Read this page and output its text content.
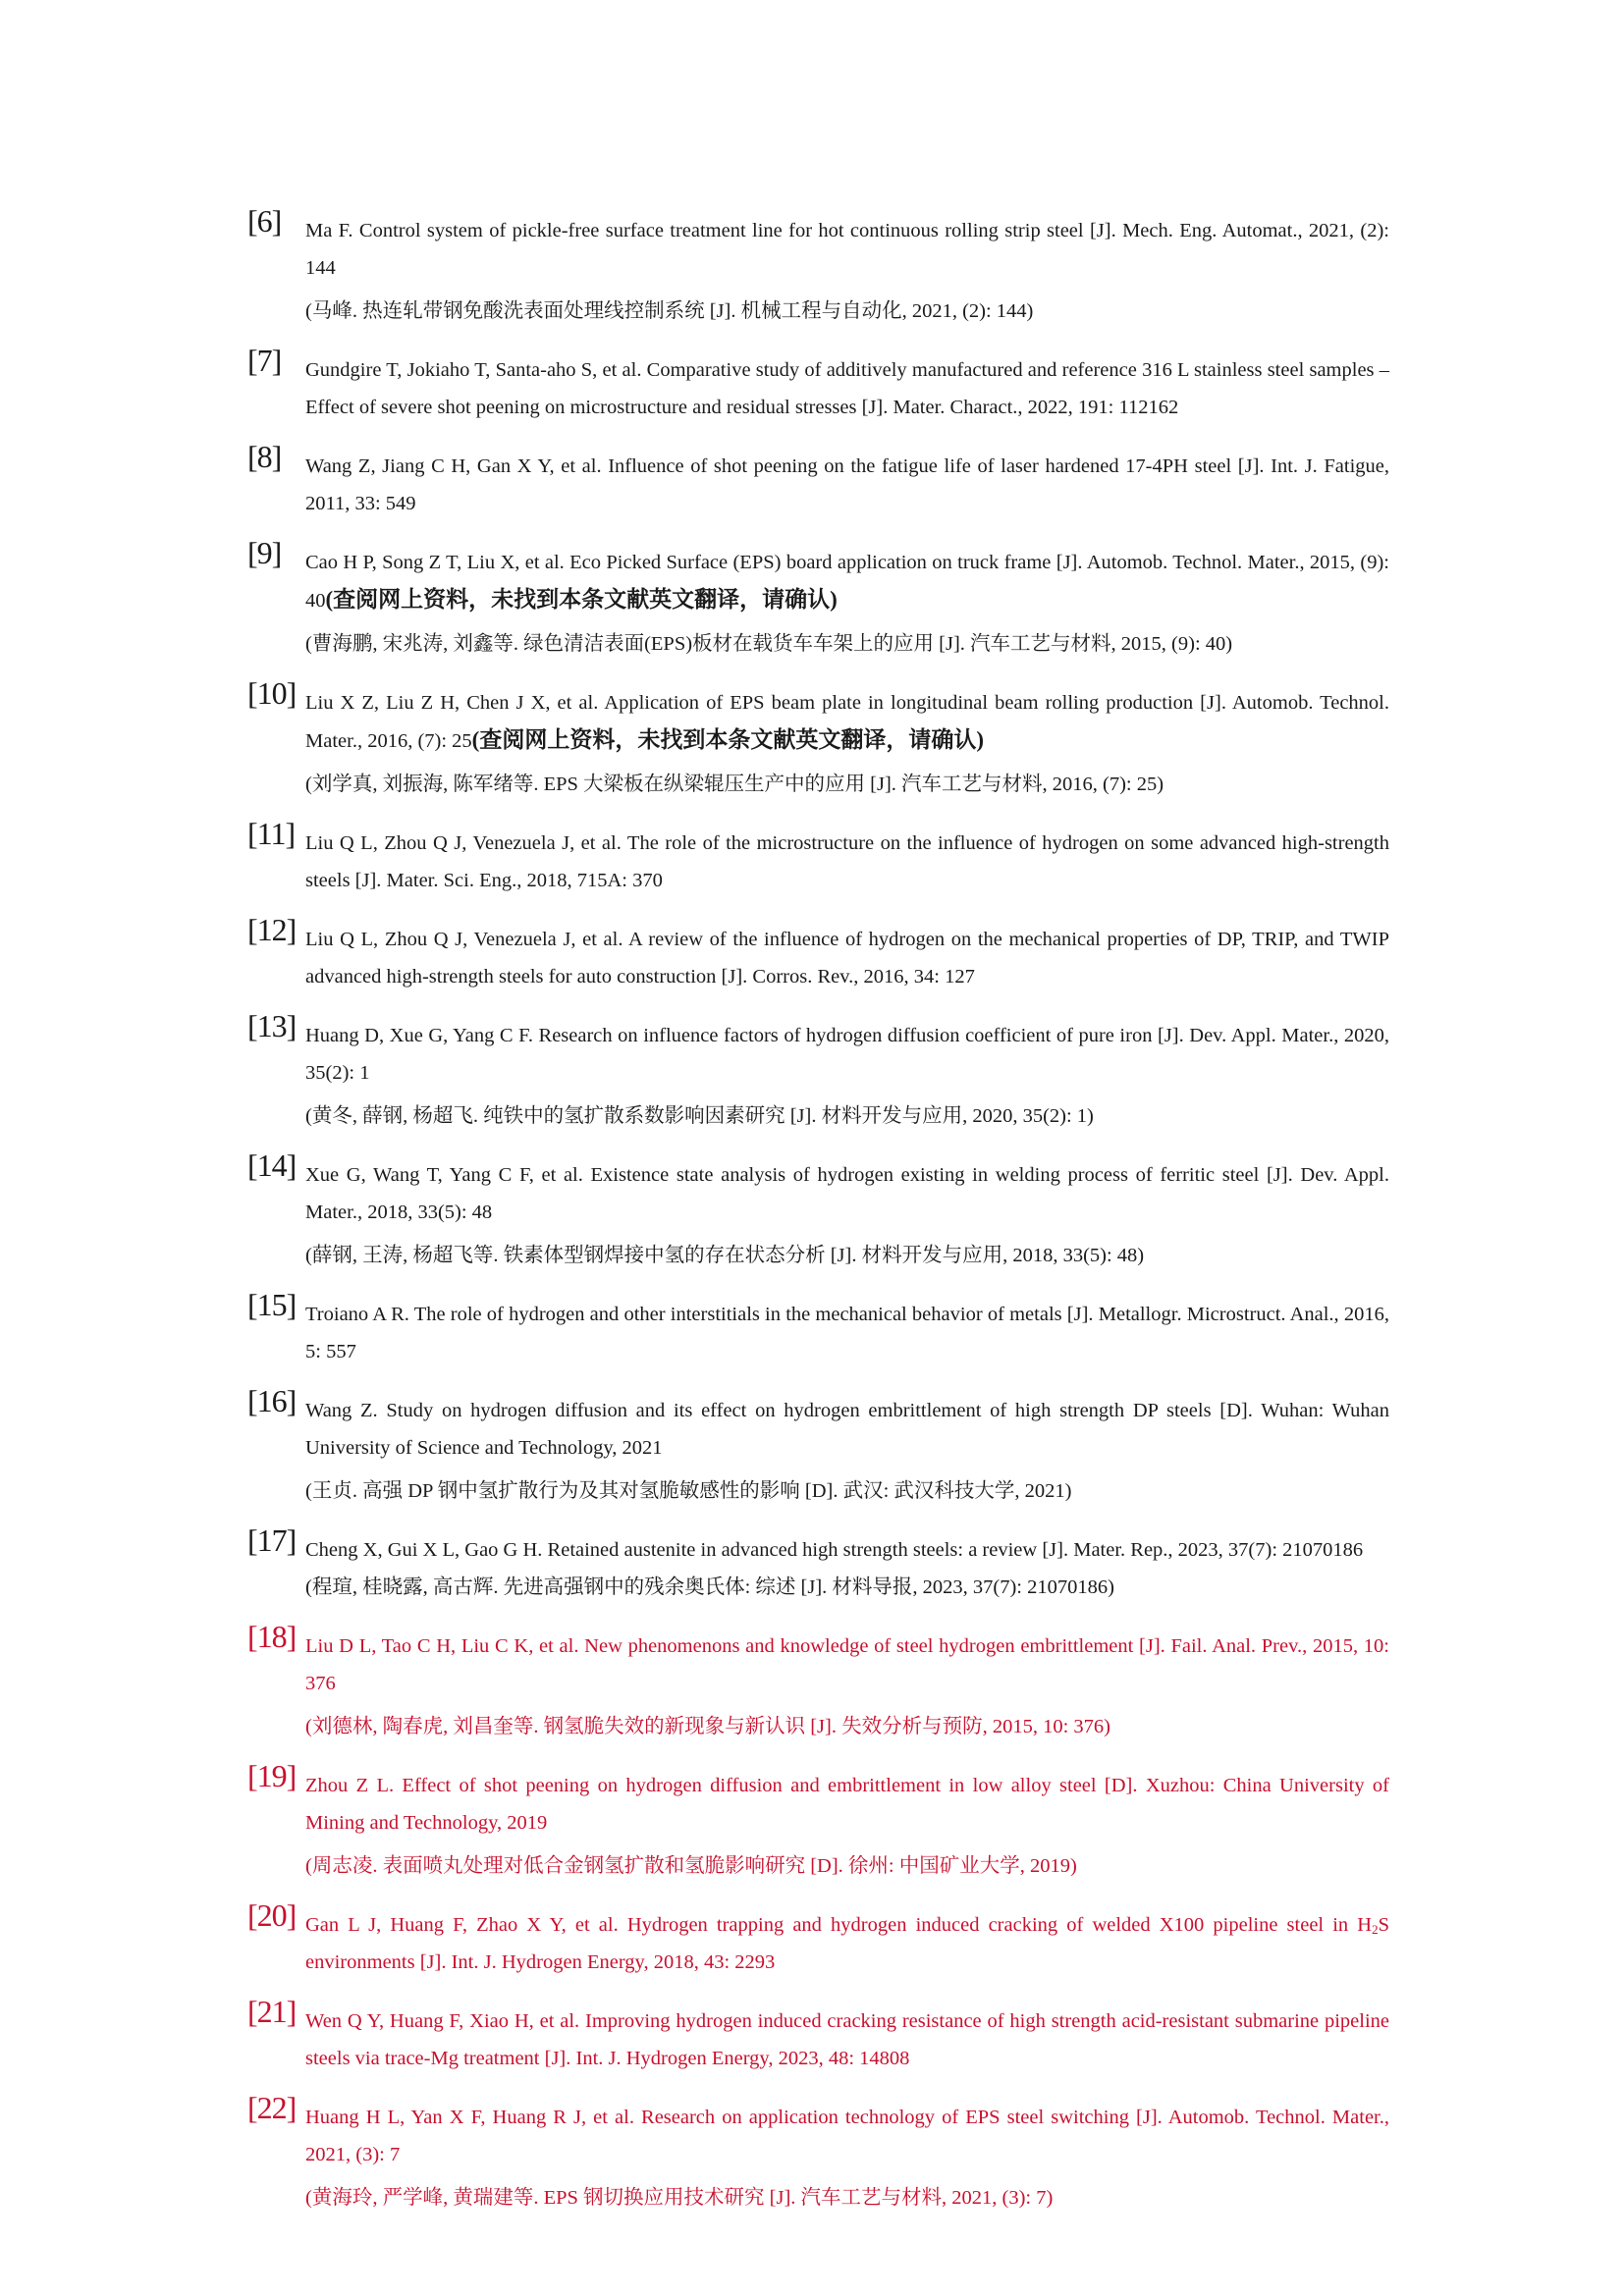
[6]	Ma F. Control system of pickle-free surface treatment line for hot continuous rolling strip steel [J]. Mech. Eng. Automat., 2021, (2): 144
(马峰. 热连轧带钢免酸洗表面处理线控制系统 [J]. 机械工程与自动化, 2021, (2): 144)
[7]	Gundgire T, Jokiaho T, Santa-aho S, et al. Comparative study of additively manufactured and reference 316 L stainless steel samples – Effect of severe shot peening on microstructure and residual stresses [J]. Mater. Charact., 2022, 191: 112162
[8]	Wang Z, Jiang C H, Gan X Y, et al. Influence of shot peening on the fatigue life of laser hardened 17-4PH steel [J]. Int. J. Fatigue, 2011, 33: 549
[9]	Cao H P, Song Z T, Liu X, et al. Eco Picked Surface (EPS) board application on truck frame [J]. Automob. Technol. Mater., 2015, (9): 40(查阅网上资料，未找到本条文献英文翻译，请确认)
(曹海鹏, 宋兆涛, 刘鑫等. 绿色清洁表面(EPS)板材在载货车车架上的应用 [J]. 汽车工艺与材料, 2015, (9): 40)
[10] Liu X Z, Liu Z H, Chen J X, et al. Application of EPS beam plate in longitudinal beam rolling production [J]. Automob. Technol. Mater., 2016, (7): 25(查阅网上资料，未找到本条文献英文翻译，请确认)
(刘学真, 刘振海, 陈军绪等. EPS 大梁板在纵梁辊压生产中的应用 [J]. 汽车工艺与材料, 2016, (7): 25)
[11] Liu Q L, Zhou Q J, Venezuela J, et al. The role of the microstructure on the influence of hydrogen on some advanced high-strength steels [J]. Mater. Sci. Eng., 2018, 715A: 370
[12] Liu Q L, Zhou Q J, Venezuela J, et al. A review of the influence of hydrogen on the mechanical properties of DP, TRIP, and TWIP advanced high-strength steels for auto construction [J]. Corros. Rev., 2016, 34: 127
[13] Huang D, Xue G, Yang C F. Research on influence factors of hydrogen diffusion coefficient of pure iron [J]. Dev. Appl. Mater., 2020, 35(2): 1
(黄冬, 薛钢, 杨超飞. 纯铁中的氢扩散系数影响因素研究 [J]. 材料开发与应用, 2020, 35(2): 1)
[14] Xue G, Wang T, Yang C F, et al. Existence state analysis of hydrogen existing in welding process of ferritic steel [J]. Dev. Appl. Mater., 2018, 33(5): 48
(薛钢, 王涛, 杨超飞等. 铁素体型钢焊接中氢的存在状态分析 [J]. 材料开发与应用, 2018, 33(5): 48)
[15] Troiano A R. The role of hydrogen and other interstitials in the mechanical behavior of metals [J]. Metallogr. Microstruct. Anal., 2016, 5: 557
[16] Wang Z. Study on hydrogen diffusion and its effect on hydrogen embrittlement of high strength DP steels [D]. Wuhan: Wuhan University of Science and Technology, 2021
(王贞. 高强 DP 钢中氢扩散行为及其对氢脆敏感性的影响 [D]. 武汉: 武汉科技大学, 2021)
[17] Cheng X, Gui X L, Gao G H. Retained austenite in advanced high strength steels: a review [J]. Mater. Rep., 2023, 37(7): 21070186
(程瑄, 桂晓露, 高古辉. 先进高强钢中的残余奥氏体: 综述 [J]. 材料导报, 2023, 37(7): 21070186)
[18] Liu D L, Tao C H, Liu C K, et al. New phenomenons and knowledge of steel hydrogen embrittlement [J]. Fail. Anal. Prev., 2015, 10: 376
(刘德林, 陶春虎, 刘昌奎等. 钢氢脆失效的新现象与新认识 [J]. 失效分析与预防, 2015, 10: 376)
[19] Zhou Z L. Effect of shot peening on hydrogen diffusion and embrittlement in low alloy steel [D]. Xuzhou: China University of Mining and Technology, 2019
(周志凌. 表面喷丸处理对低合金钢氢扩散和氢脆影响研究 [D]. 徐州: 中国矿业大学, 2019)
[20] Gan L J, Huang F, Zhao X Y, et al. Hydrogen trapping and hydrogen induced cracking of welded X100 pipeline steel in $H_2S$ environments [J]. Int. J. Hydrogen Energy, 2018, 43: 2293
[21] Wen Q Y, Huang F, Xiao H, et al. Improving hydrogen induced cracking resistance of high strength acid-resistant submarine pipeline steels via trace-Mg treatment [J]. Int. J. Hydrogen Energy, 2023, 48: 14808
[22] Huang H L, Yan X F, Huang R J, et al. Research on application technology of EPS steel switching [J]. Automob. Technol. Mater., 2021, (3): 7
(黄海玲, 严学峰, 黄瑞建等. EPS 钢切换应用技术研究 [J]. 汽车工艺与材料, 2021, (3): 7)
